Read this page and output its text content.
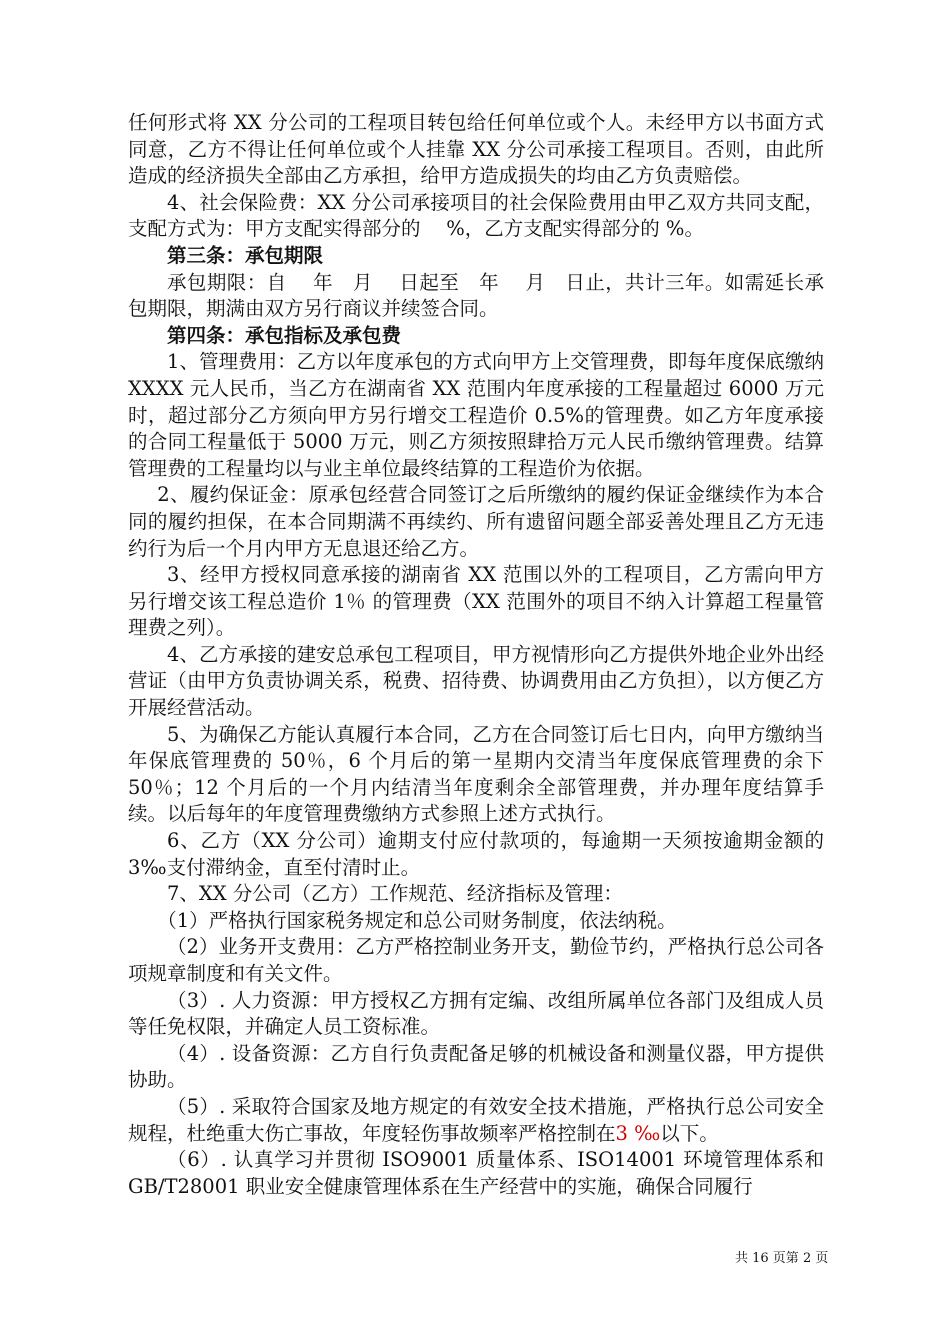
任何形式将 XX 分公司的工程项目转包给任何单位或个人。未经甲方以书面方式同意，乙方不得让任何单位或个人挂靠 XX 分公司承接工程项目。否则，由此所造成的经济损失全部由乙方承担，给甲方造成损失的均由乙方负责赔偿。

4、社会保险费：XX 分公司承接项目的社会保险费用由甲乙双方共同支配，支配方式为：甲方支配实得部分的　 %，乙方支配实得部分的 %。

第三条：承包期限

承包期限：自　 年　月　 日起至　年　 月　日止，共计三年。如需延长承包期限，期满由双方另行商议并续签合同。

第四条：承包指标及承包费

1、管理费用：乙方以年度承包的方式向甲方上交管理费，即每年度保底缴纳 XXXX 元人民币，当乙方在湖南省 XX 范围内年度承接的工程量超过 6000 万元时，超过部分乙方须向甲方另行增交工程造价 0.5%的管理费。如乙方年度承接的合同工程量低于 5000 万元，则乙方须按照肆拾万元人民币缴纳管理费。结算管理费的工程量均以与业主单位最终结算的工程造价为依据。

2、履约保证金：原承包经营合同签订之后所缴纳的履约保证金继续作为本合同的履约担保，在本合同期满不再续约、所有遗留问题全部妥善处理且乙方无违约行为后一个月内甲方无息退还给乙方。

3、经甲方授权同意承接的湖南省 XX 范围以外的工程项目，乙方需向甲方另行增交该工程总造价 1％ 的管理费（XX 范围外的项目不纳入计算超工程量管理费之列）。

4、乙方承接的建安总承包工程项目，甲方视情形向乙方提供外地企业外出经营证（由甲方负责协调关系，税费、招待费、协调费用由乙方负担），以方便乙方开展经营活动。

5、为确保乙方能认真履行本合同，乙方在合同签订后七日内，向甲方缴纳当年保底管理费的 50％，6 个月后的第一星期内交清当年度保底管理费的余下 50％；12 个月后的一个月内结清当年度剩余全部管理费，并办理年度结算手续。以后每年的年度管理费缴纳方式参照上述方式执行。

6、乙方（XX 分公司）逾期支付应付款项的，每逾期一天须按逾期金额的 3‰支付滞纳金，直至付清时止。

7、XX 分公司（乙方）工作规范、经济指标及管理：

（1）严格执行国家税务规定和总公司财务制度，依法纳税。

（2）业务开支费用：乙方严格控制业务开支，勤俭节约，严格执行总公司各项规章制度和有关文件。

（3）. 人力资源：甲方授权乙方拥有定编、改组所属单位各部门及组成人员等任免权限，并确定人员工资标准。

（4）. 设备资源：乙方自行负责配备足够的机械设备和测量仪器，甲方提供协助。

（5）. 采取符合国家及地方规定的有效安全技术措施，严格执行总公司安全规程，杜绝重大伤亡事故，年度轻伤事故频率严格控制在3 ‰以下。

（6）. 认真学习并贯彻 ISO9001 质量体系、ISO14001 环境管理体系和 GB/T28001 职业安全健康管理体系在生产经营中的实施，确保合同履行

共 16 页第 2 页
